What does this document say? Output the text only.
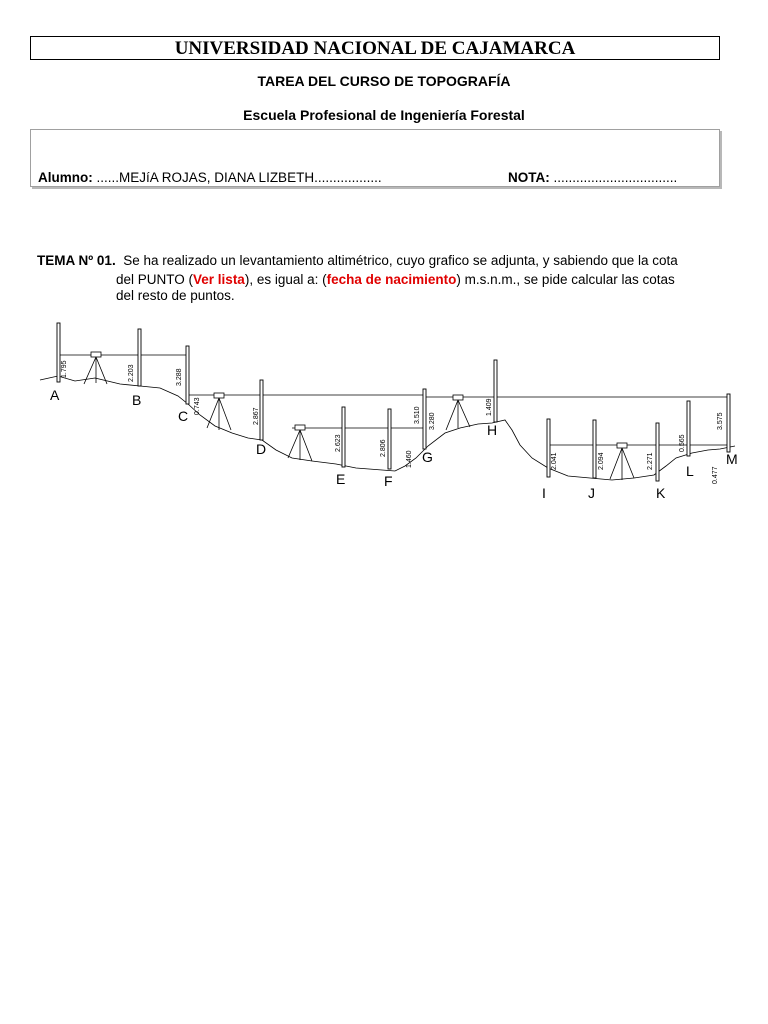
UNIVERSIDAD NACIONAL DE CAJAMARCA
TAREA DEL CURSO DE TOPOGRAFÍA
Escuela Profesional de Ingeniería Forestal
Alumno: ......MEJíA ROJAS, DIANA LIZBETH..................	NOTA: .................................
TEMA Nº 01. Se ha realizado un levantamiento altimétrico, cuyo grafico se adjunta, y sabiendo que la cota
del PUNTO (Ver lista), es igual a: (fecha de nacimiento) m.s.n.m., se pide calcular las cotas
del resto de puntos.
A	B
C
D
E	F
G
H
I	J	K
L
M
1.795	2.203	3.288
0.743
2.867
2.623	2.806
1.460
3.510 3.280
1.409
2.041	2.094	2.271
0.565
3.575
0.477
